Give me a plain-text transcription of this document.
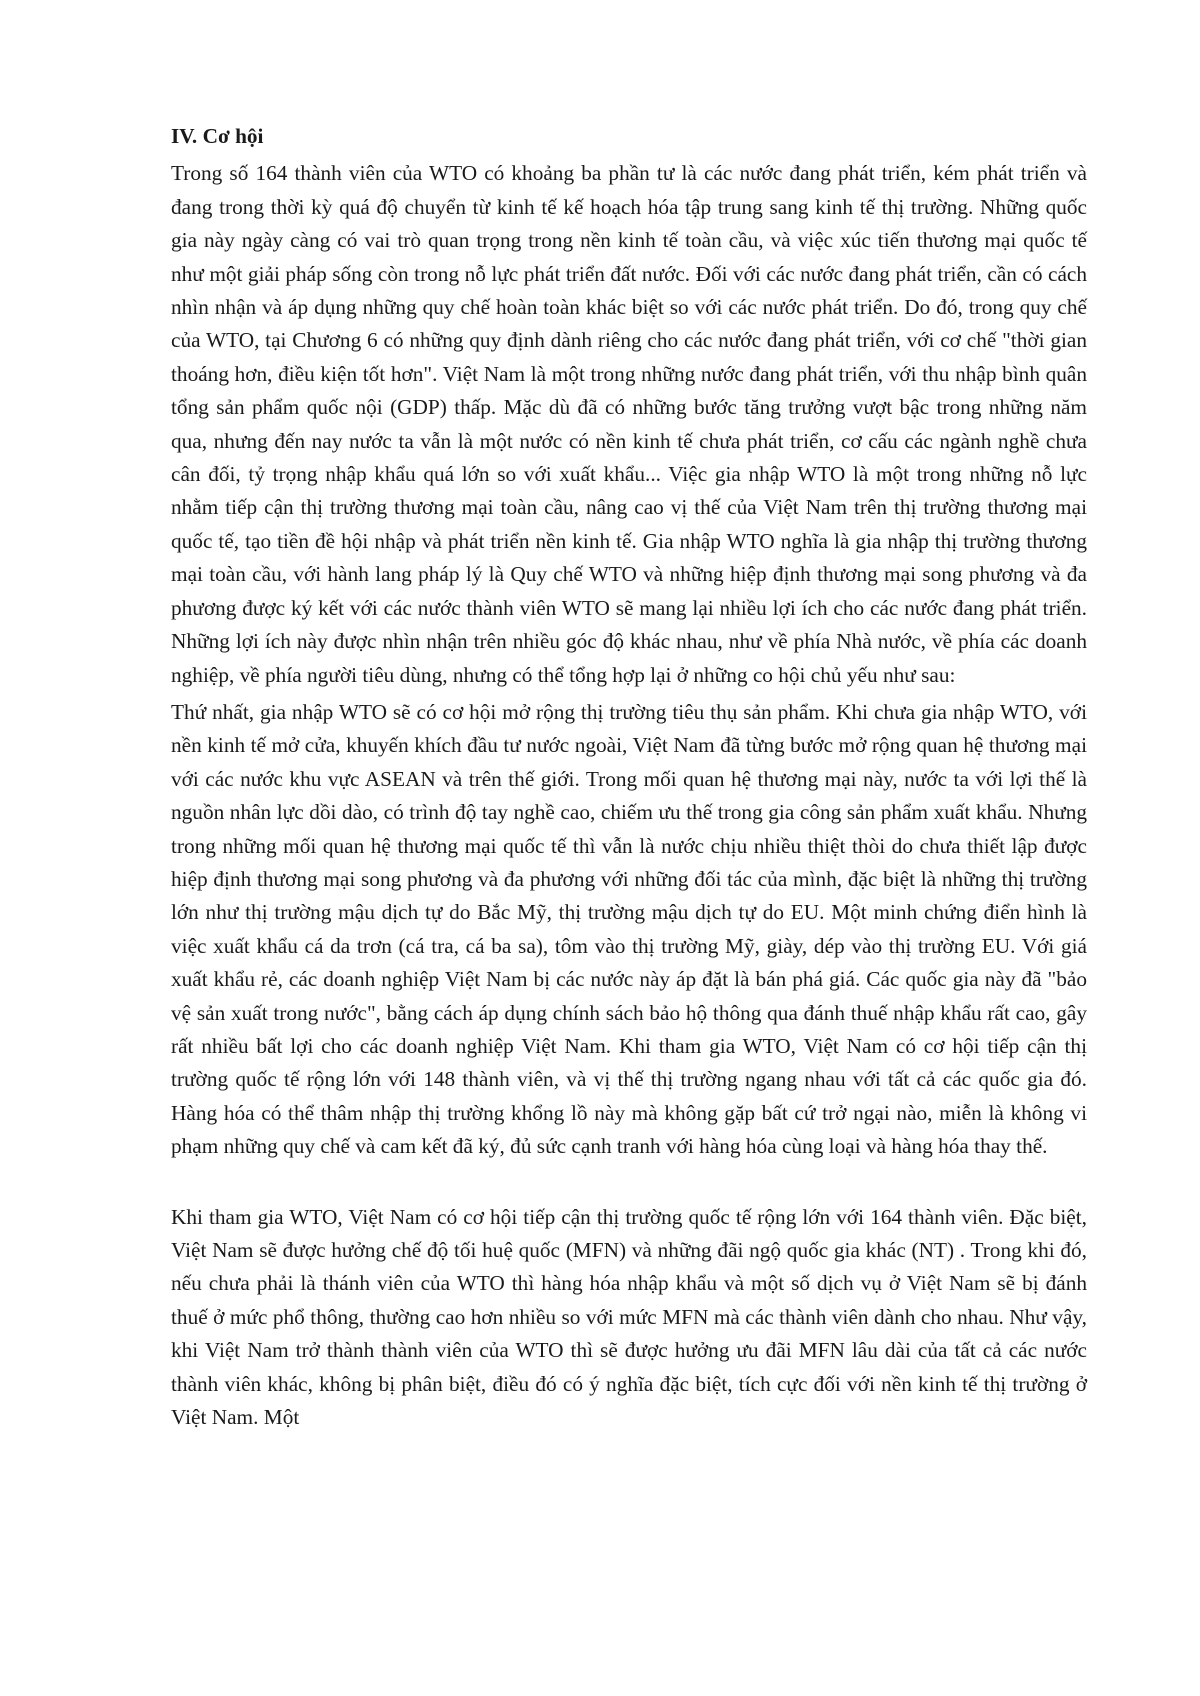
IV. Cơ hội

Trong số 164 thành viên của WTO có khoảng ba phần tư là các nước đang phát triển, kém phát triển và đang trong thời kỳ quá độ chuyển từ kinh tế kế hoạch hóa tập trung sang kinh tế thị trường. Những quốc gia này ngày càng có vai trò quan trọng trong nền kinh tế toàn cầu, và việc xúc tiến thương mại quốc tế như một giải pháp sống còn trong nỗ lực phát triển đất nước. Đối với các nước đang phát triển, cần có cách nhìn nhận và áp dụng những quy chế hoàn toàn khác biệt so với các nước phát triển. Do đó, trong quy chế của WTO, tại Chương 6 có những quy định dành riêng cho các nước đang phát triển, với cơ chế "thời gian thoáng hơn, điều kiện tốt hơn". Việt Nam là một trong những nước đang phát triển, với thu nhập bình quân tổng sản phẩm quốc nội (GDP) thấp. Mặc dù đã có những bước tăng trưởng vượt bậc trong những năm qua, nhưng đến nay nước ta vẫn là một nước có nền kinh tế chưa phát triển, cơ cấu các ngành nghề chưa cân đối, tỷ trọng nhập khẩu quá lớn so với xuất khẩu... Việc gia nhập WTO là một trong những nỗ lực nhằm tiếp cận thị trường thương mại toàn cầu, nâng cao vị thế của Việt Nam trên thị trường thương mại quốc tế, tạo tiền đề hội nhập và phát triển nền kinh tế. Gia nhập WTO nghĩa là gia nhập thị trường thương mại toàn cầu, với hành lang pháp lý là Quy chế WTO và những hiệp định thương mại song phương và đa phương được ký kết với các nước thành viên WTO sẽ mang lại nhiều lợi ích cho các nước đang phát triển. Những lợi ích này được nhìn nhận trên nhiều góc độ khác nhau, như về phía Nhà nước, về phía các doanh nghiệp, về phía người tiêu dùng, nhưng có thể tổng hợp lại ở những co hội chủ yếu như sau:

Thứ nhất, gia nhập WTO sẽ có cơ hội mở rộng thị trường tiêu thụ sản phẩm. Khi chưa gia nhập WTO, với nền kinh tế mở cửa, khuyến khích đầu tư nước ngoài, Việt Nam đã từng bước mở rộng quan hệ thương mại với các nước khu vực ASEAN và trên thế giới. Trong mối quan hệ thương mại này, nước ta với lợi thế là nguồn nhân lực dồi dào, có trình độ tay nghề cao, chiếm ưu thế trong gia công sản phẩm xuất khẩu. Nhưng trong những mối quan hệ thương mại quốc tế thì vẫn là nước chịu nhiều thiệt thòi do chưa thiết lập được hiệp định thương mại song phương và đa phương với những đối tác của mình, đặc biệt là những thị trường lớn như thị trường mậu dịch tự do Bắc Mỹ, thị trường mậu dịch tự do EU. Một minh chứng điển hình là việc xuất khẩu cá da trơn (cá tra, cá ba sa), tôm vào thị trường Mỹ, giày, dép vào thị trường EU. Với giá xuất khẩu rẻ, các doanh nghiệp Việt Nam bị các nước này áp đặt là bán phá giá. Các quốc gia này đã "bảo vệ sản xuất trong nước", bằng cách áp dụng chính sách bảo hộ thông qua đánh thuế nhập khẩu rất cao, gây rất nhiều bất lợi cho các doanh nghiệp Việt Nam. Khi tham gia WTO, Việt Nam có cơ hội tiếp cận thị trường quốc tế rộng lớn với 148 thành viên, và vị thế thị trường ngang nhau với tất cả các quốc gia đó. Hàng hóa có thể thâm nhập thị trường khổng lồ này mà không gặp bất cứ trở ngại nào, miễn là không vi phạm những quy chế và cam kết đã ký, đủ sức cạnh tranh với hàng hóa cùng loại và hàng hóa thay thế.

Khi tham gia WTO, Việt Nam có cơ hội tiếp cận thị trường quốc tế rộng lớn với 164 thành viên. Đặc biệt, Việt Nam sẽ được hưởng chế độ tối huệ quốc (MFN) và những đãi ngộ quốc gia khác (NT) . Trong khi đó, nếu chưa phải là thánh viên của WTO thì hàng hóa nhập khẩu và một số dịch vụ ở Việt Nam sẽ bị đánh thuế ở mức phổ thông, thường cao hơn nhiều so với mức MFN mà các thành viên dành cho nhau. Như vậy, khi Việt Nam trở thành thành viên của WTO thì sẽ được hưởng ưu đãi MFN lâu dài của tất cả các nước thành viên khác, không bị phân biệt, điều đó có ý nghĩa đặc biệt, tích cực đối với nền kinh tế thị trường ở Việt Nam. Một
